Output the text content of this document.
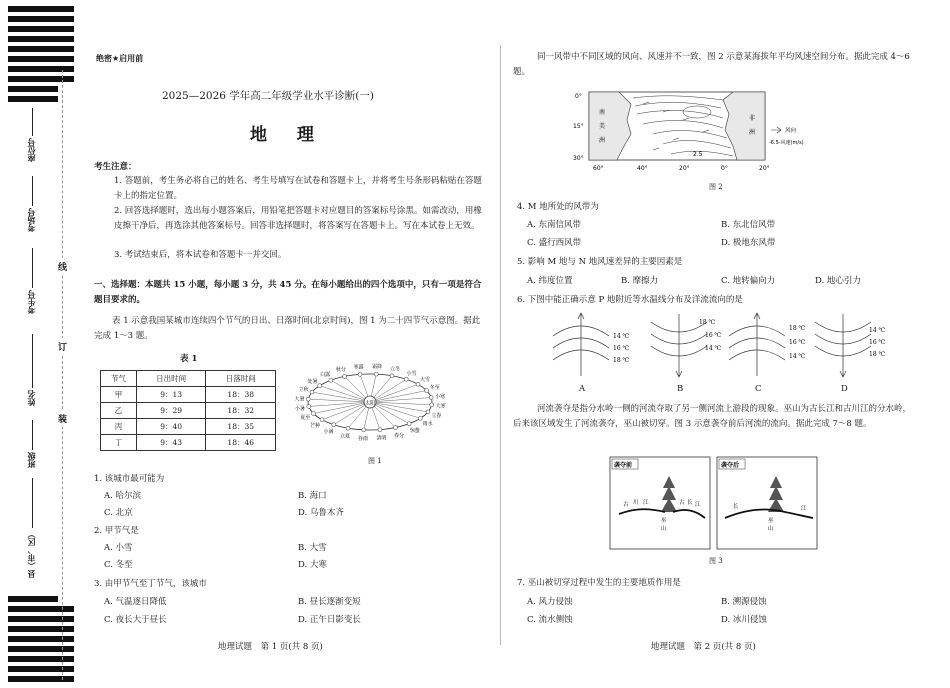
座位号
考场号
考生号
姓名
班级
县（市、区）
线
订
装
绝密★启用前
2025—2026 学年高二年级学业水平诊断(一)
地 理
考生注意：
1. 答题前，考生务必将自己的姓名、考生号填写在试卷和答题卡上，并将考生号条形码粘贴在答题卡上的指定位置。
2. 回答选择题时，选出每小题答案后，用铅笔把答题卡对应题目的答案标号涂黑。如需改动，用橡皮擦干净后，再选涂其他答案标号。回答非选择题时，将答案写在答题卡上。写在本试卷上无效。
3. 考试结束后，将本试卷和答题卡一并交回。
一、选择题：本题共 15 小题，每小题 3 分，共 45 分。在每小题给出的四个选项中，只有一项是符合题目要求的。
表 1 示意我国某城市连续四个节气的日出、日落时间(北京时间)，图 1 为二十四节气示意图。据此完成 1～3 题。
表 1
节气	日出时间	日落时间
甲	9：13	18：38
乙	9：29	18：32
丙	9：40	18：35
丁	9：43	18：46
太阳
立夏
小满
芒种
夏至
小暑
大暑
立秋
处暑
白露
秋分 寒露 霜降 立冬
小雪
大雪
冬至
小寒
大寒
立春
雨水
惊蛰
春分
清明
谷雨
图 1
1. 该城市最可能为
A. 哈尔滨	B. 海口
C. 北京	D. 乌鲁木齐
2. 甲节气是
A. 小雪	B. 大雪
C. 冬至	D. 大寒
3. 由甲节气至丁节气，该城市
A. 气温逐日降低	B. 昼长逐渐变短
C. 夜长大于昼长	D. 正午日影变长
地理试题　第 1 页(共 8 页)
同一风带中不同区域的风向、风速并不一致，图 2 示意某海拔年平均风速空间分布。据此完成 4～6 题。
2.5
0°
15°
30°
60°	40°	20°	0°	20°
南
美
洲
非
洲	风向
-6.5-风速(m/s)
图 2
4. M 地所处的风带为
A. 东南信风带	B. 东北信风带
C. 盛行西风带	D. 极地东风带
5. 影响 M 地与 N 地风速差异的主要因素是
A. 纬度位置	B. 摩擦力	C. 地转偏向力	D. 地心引力
6. 下图中能正确示意 P 地附近等水温线分布及洋流流向的是
14 ℃
16 ℃
18 ℃
18 ℃
16 ℃
14 ℃
18 ℃
16 ℃
14 ℃
14 ℃
16 ℃
18 ℃
A	B	C	D
河流袭夺是指分水岭一侧的河流夺取了另一侧河流上游段的现象。巫山为古长江和古川江的分水岭，后来该区域发生了河流袭夺，巫山被切穿。图 3 示意袭夺前后河流的流向。据此完成 7～8 题。
袭夺前	袭夺后
古 川 江
巫
山
古 长 江	长	江
巫
山
图 3
7. 巫山被切穿过程中发生的主要地质作用是
A. 风力侵蚀	B. 溯源侵蚀
C. 流水侧蚀	D. 冰川侵蚀
地理试题　第 2 页(共 8 页)
